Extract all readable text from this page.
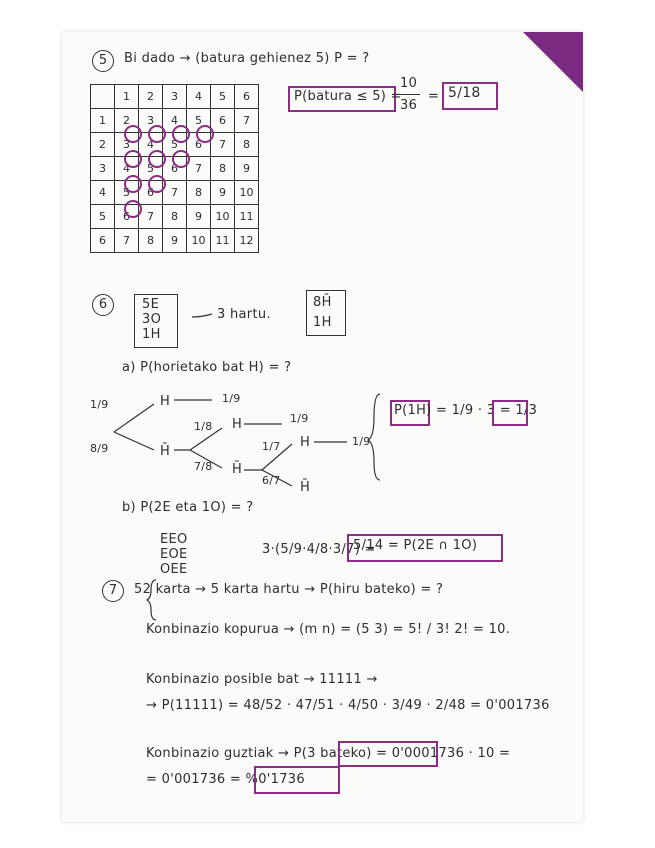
5	Bi dado → (batura gehienez 5) P = ?
	1	2	3	4	5	6
1	2	3	4	5	6	7
2	3	4	5	6	7	8
3	4	5	6	7	8	9
4	5	6	7	8	9	10
5	6	7	8	9	10	11
6	7	8	9	10	11	12
P(batura ≤ 5) =
10
36
= 5/18
6	5E
3O
1H
3 hartu.
8H̄
1H
a) P(horietako bat H) = ?
1/9	H	1/9
8/9	H̄
1/8 H	1/9
7/8 H̄
1/7 H	1/9
6/7 H̄
P(1H) = 1/9 · 3 = 1/3
b) P(2E eta 1O) = ?
EEO
EOE
OEE
3·(5/9·4/8·3/7) =
5/14 = P(2E ∩ 1O)
7	52 karta → 5 karta hartu → P(hiru bateko) = ?
Konbinazio kopurua → (m n) = (5 3) = 5! / 3! 2! = 10.
Konbinazio posible bat → 11111 →
→ P(11111) = 48/52 · 47/51 · 4/50 · 3/49 · 2/48 = 0'001736
Konbinazio guztiak → P(3 bateko) = 0'0001736 · 10 =
= 0'001736 = %0'1736
